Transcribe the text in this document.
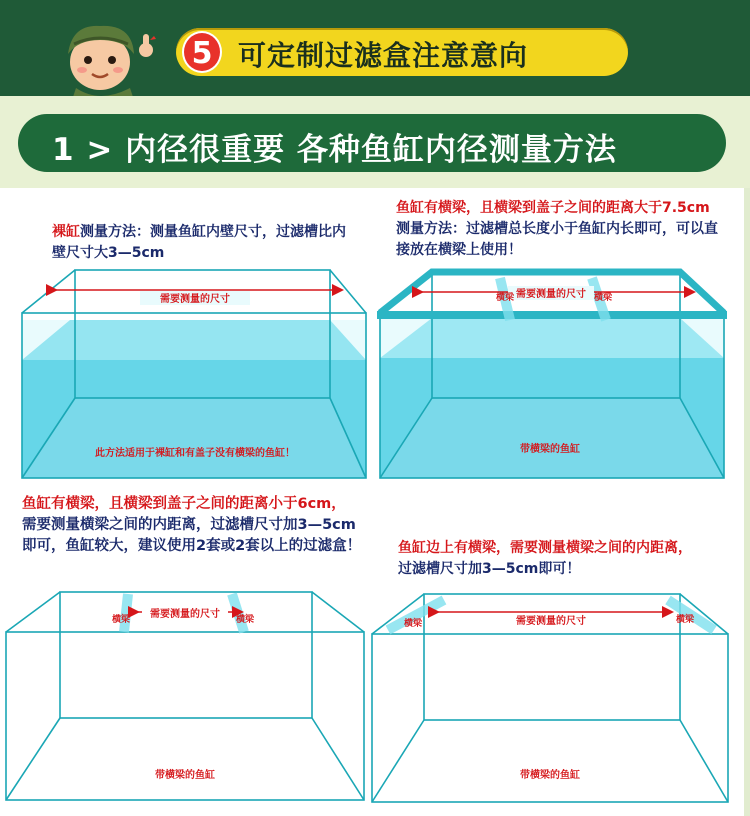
5 可定制过滤盒注意意向
1 > 内径很重要 各种鱼缸内径测量方法
裸缸测量方法：测量鱼缸内壁尺寸，过滤槽比内壁尺寸大3—5cm
鱼缸有横梁，且横梁到盖子之间的距离大于7.5cm
测量方法：过滤槽总长度小于鱼缸内长即可，可以直接放在横梁上使用！
鱼缸有横梁，且横梁到盖子之间的距离小于6cm，
需要测量横梁之间的内距离，过滤槽尺寸加3—5cm即可，鱼缸较大，建议使用2套或2套以上的过滤盒！	鱼缸边上有横梁，需要测量横梁之间的内距离，
过滤槽尺寸加3—5cm即可！
需要测量的尺寸
此方法适用于裸缸和有盖子没有横梁的鱼缸！
需要测量的尺寸
横梁	横梁
带横梁的鱼缸
需要测量的尺寸
横梁	横梁
带横梁的鱼缸
需要测量的尺寸
横梁	横梁
带横梁的鱼缸
